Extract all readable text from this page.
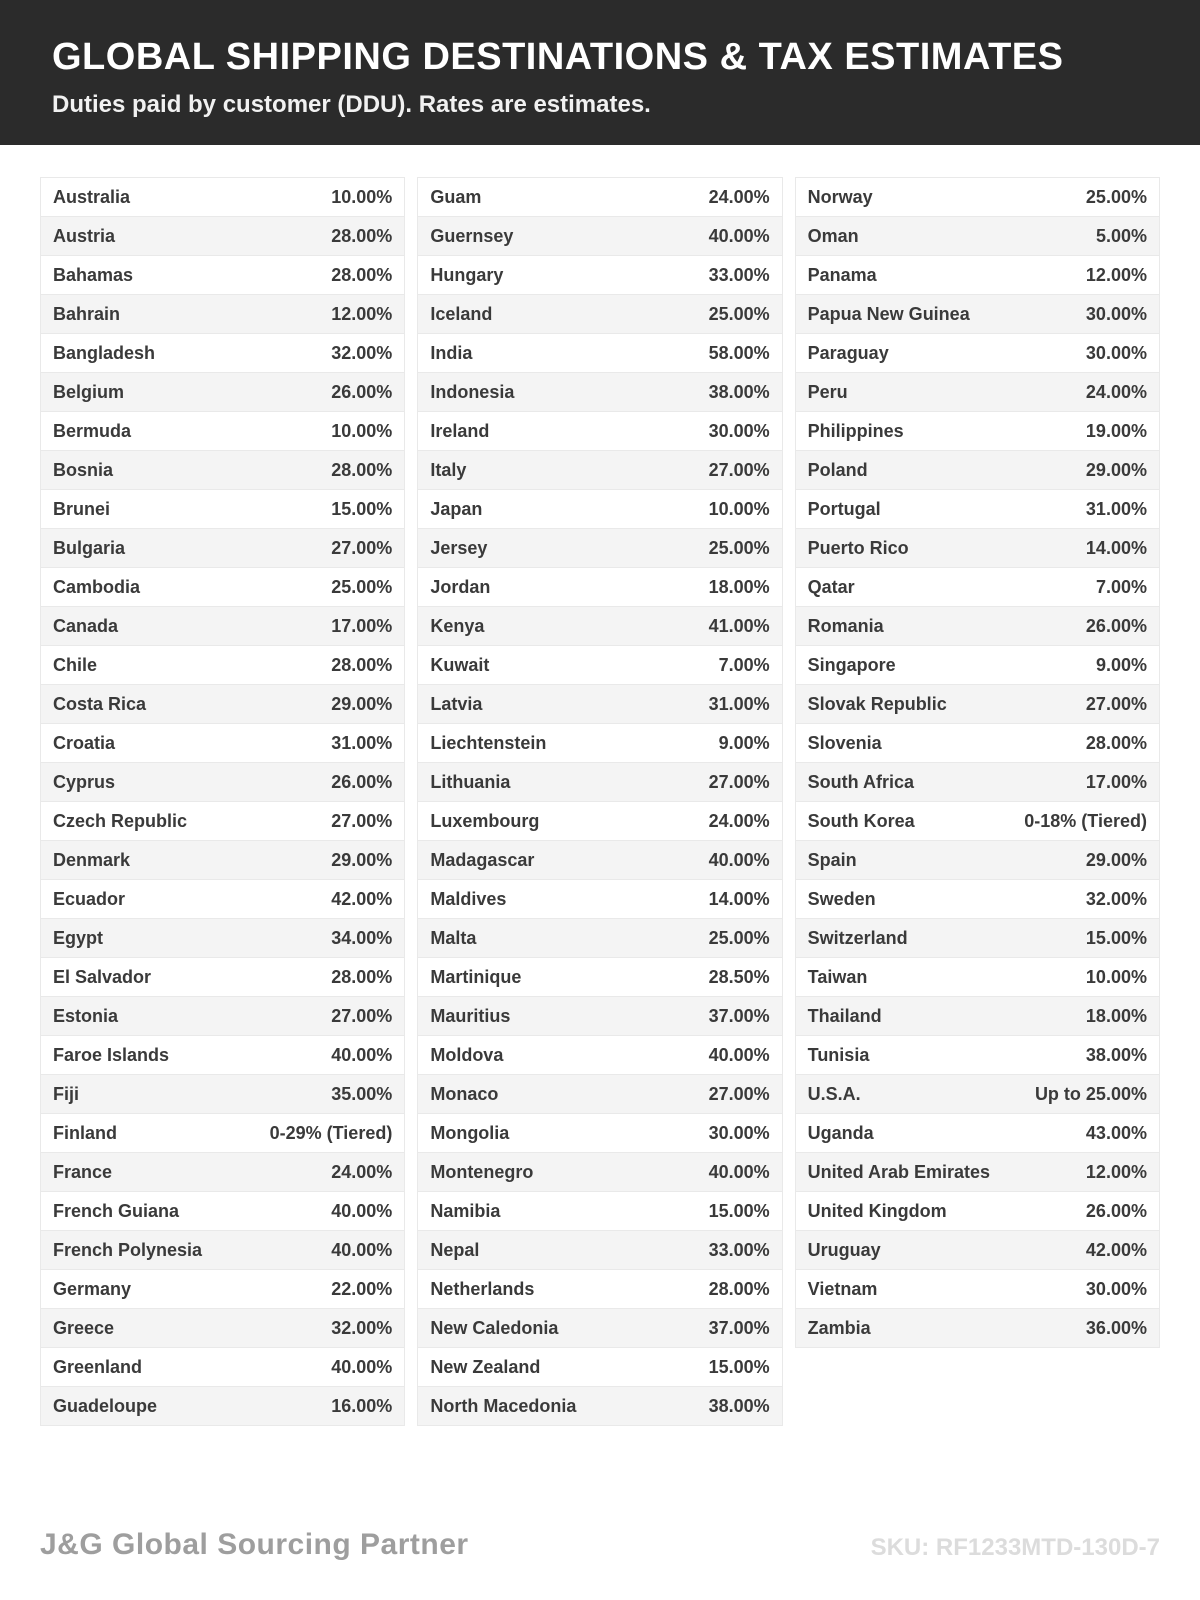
GLOBAL SHIPPING DESTINATIONS & TAX ESTIMATES
Duties paid by customer (DDU). Rates are estimates.
Australia	10.00%
Austria	28.00%
Bahamas	28.00%
Bahrain	12.00%
Bangladesh	32.00%
Belgium	26.00%
Bermuda	10.00%
Bosnia	28.00%
Brunei	15.00%
Bulgaria	27.00%
Cambodia	25.00%
Canada	17.00%
Chile	28.00%
Costa Rica	29.00%
Croatia	31.00%
Cyprus	26.00%
Czech Republic	27.00%
Denmark	29.00%
Ecuador	42.00%
Egypt	34.00%
El Salvador	28.00%
Estonia	27.00%
Faroe Islands	40.00%
Fiji	35.00%
Finland	0-29% (Tiered)
France	24.00%
French Guiana	40.00%
French Polynesia	40.00%
Germany	22.00%
Greece	32.00%
Greenland	40.00%
Guadeloupe	16.00%
Guam	24.00%
Guernsey	40.00%
Hungary	33.00%
Iceland	25.00%
India	58.00%
Indonesia	38.00%
Ireland	30.00%
Italy	27.00%
Japan	10.00%
Jersey	25.00%
Jordan	18.00%
Kenya	41.00%
Kuwait	7.00%
Latvia	31.00%
Liechtenstein	9.00%
Lithuania	27.00%
Luxembourg	24.00%
Madagascar	40.00%
Maldives	14.00%
Malta	25.00%
Martinique	28.50%
Mauritius	37.00%
Moldova	40.00%
Monaco	27.00%
Mongolia	30.00%
Montenegro	40.00%
Namibia	15.00%
Nepal	33.00%
Netherlands	28.00%
New Caledonia	37.00%
New Zealand	15.00%
North Macedonia	38.00%
Norway	25.00%
Oman	5.00%
Panama	12.00%
Papua New Guinea	30.00%
Paraguay	30.00%
Peru	24.00%
Philippines	19.00%
Poland	29.00%
Portugal	31.00%
Puerto Rico	14.00%
Qatar	7.00%
Romania	26.00%
Singapore	9.00%
Slovak Republic	27.00%
Slovenia	28.00%
South Africa	17.00%
South Korea	0-18% (Tiered)
Spain	29.00%
Sweden	32.00%
Switzerland	15.00%
Taiwan	10.00%
Thailand	18.00%
Tunisia	38.00%
U.S.A.	Up to 25.00%
Uganda	43.00%
United Arab Emirates	12.00%
United Kingdom	26.00%
Uruguay	42.00%
Vietnam	30.00%
Zambia	36.00%
J&G Global Sourcing Partner	SKU: RF1233MTD-130D-7
